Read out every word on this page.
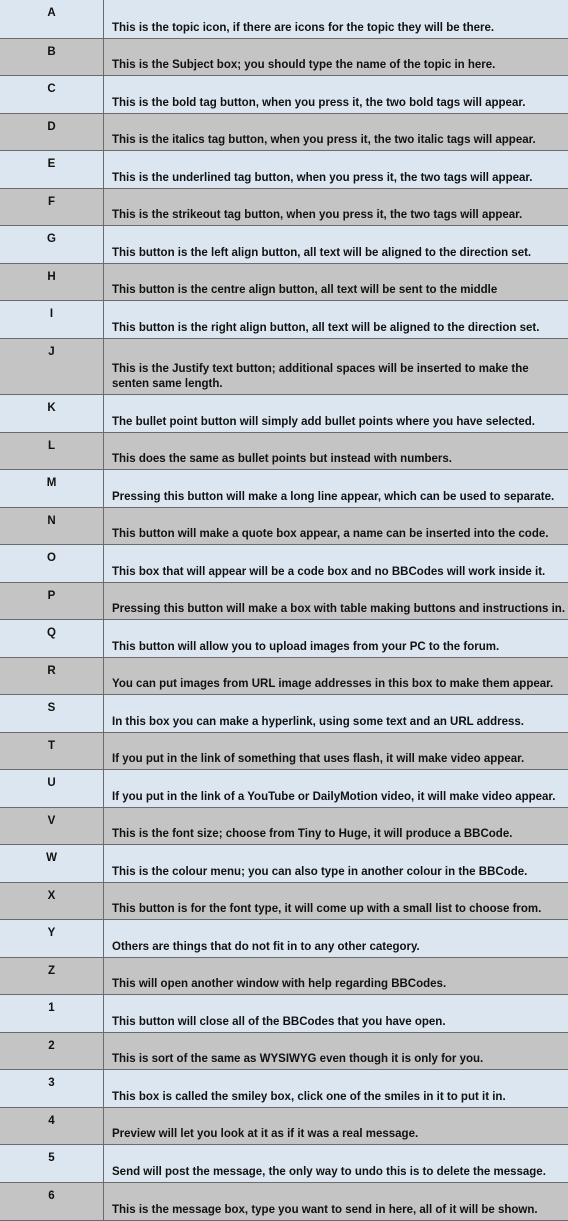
A	This is the topic icon, if there are icons for the topic they will be there.
B	This is the Subject box; you should type the name of the topic in here.
C	This is the bold tag button, when you press it, the two bold tags will appear.
D	This is the italics tag button, when you press it, the two italic tags will appear.
E	This is the underlined tag button, when you press it, the two tags will appear.
F	This is the strikeout tag button, when you press it, the two tags will appear.
G	This button is the left align button, all text will be aligned to the direction set.
H	This button is the centre align button, all text will be sent to the middle
I	This button is the right align button, all text will be aligned to the direction set.
J	This is the Justify text button; additional spaces will be inserted to make the senten same length.
K	The bullet point button will simply add bullet points where you have selected.
L	This does the same as bullet points but instead with numbers.
M	Pressing this button will make a long line appear, which can be used to separate.
N	This button will make a quote box appear, a name can be inserted into the code.
O	This box that will appear will be a code box and no BBCodes will work inside it.
P	Pressing this button will make a box with table making buttons and instructions in.
Q	This button will allow you to upload images from your PC to the forum.
R	You can put images from URL image addresses in this box to make them appear.
S	In this box you can make a hyperlink, using some text and an URL address.
T	If you put in the link of something that uses flash, it will make video appear.
U	If you put in the link of a YouTube or DailyMotion video, it will make video appear.
V	This is the font size; choose from Tiny to Huge, it will produce a BBCode.
W	This is the colour menu; you can also type in another colour in the BBCode.
X	This button is for the font type, it will come up with a small list to choose from.
Y	Others are things that do not fit in to any other category.
Z	This will open another window with help regarding BBCodes.
1	This button will close all of the BBCodes that you have open.
2	This is sort of the same as WYSIWYG even though it is only for you.
3	This box is called the smiley box, click one of the smiles in it to put it in.
4	Preview will let you look at it as if it was a real message.
5	Send will post the message, the only way to undo this is to delete the message.
6	This is the message box, type you want to send in here, all of it will be shown.
